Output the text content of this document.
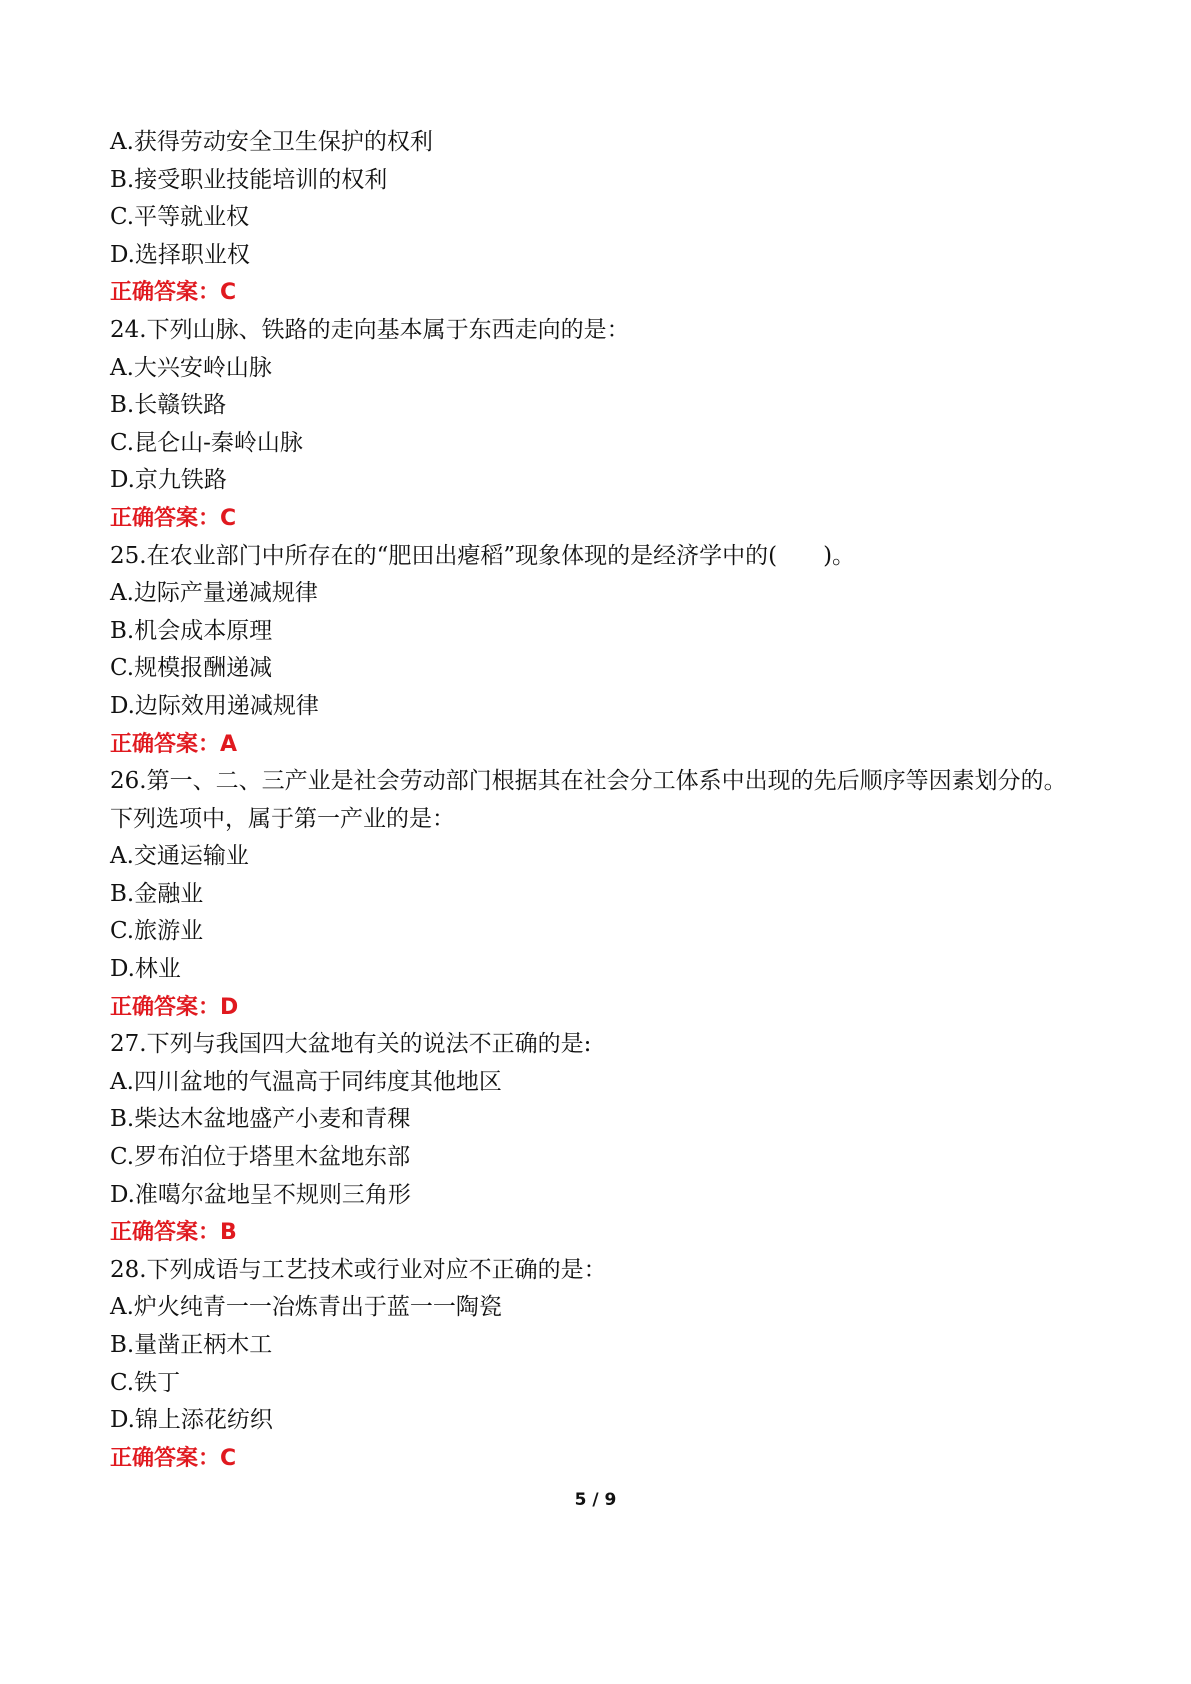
A.获得劳动安全卫生保护的权利
B.接受职业技能培训的权利
C.平等就业权
D.选择职业权
正确答案：C
24.下列山脉、铁路的走向基本属于东西走向的是：
A.大兴安岭山脉
B.长赣铁路
C.昆仑山-秦岭山脉
D.京九铁路
正确答案：C
25.在农业部门中所存在的“肥田出瘪稻”现象体现的是经济学中的(　　)。
A.边际产量递减规律
B.机会成本原理
C.规模报酬递减
D.边际效用递减规律
正确答案：A
26.第一、二、三产业是社会劳动部门根据其在社会分工体系中出现的先后顺序等因素划分的。
下列选项中，属于第一产业的是：
A.交通运输业
B.金融业
C.旅游业
D.林业
正确答案：D
27.下列与我国四大盆地有关的说法不正确的是:
A.四川盆地的气温高于同纬度其他地区
B.柴达木盆地盛产小麦和青稞
C.罗布泊位于塔里木盆地东部
D.准噶尔盆地呈不规则三角形
正确答案：B
28.下列成语与工艺技术或行业对应不正确的是：
A.炉火纯青一一冶炼青出于蓝一一陶瓷
B.量凿正柄木工
C.铁丁
D.锦上添花纺织
正确答案：C
5 / 9
